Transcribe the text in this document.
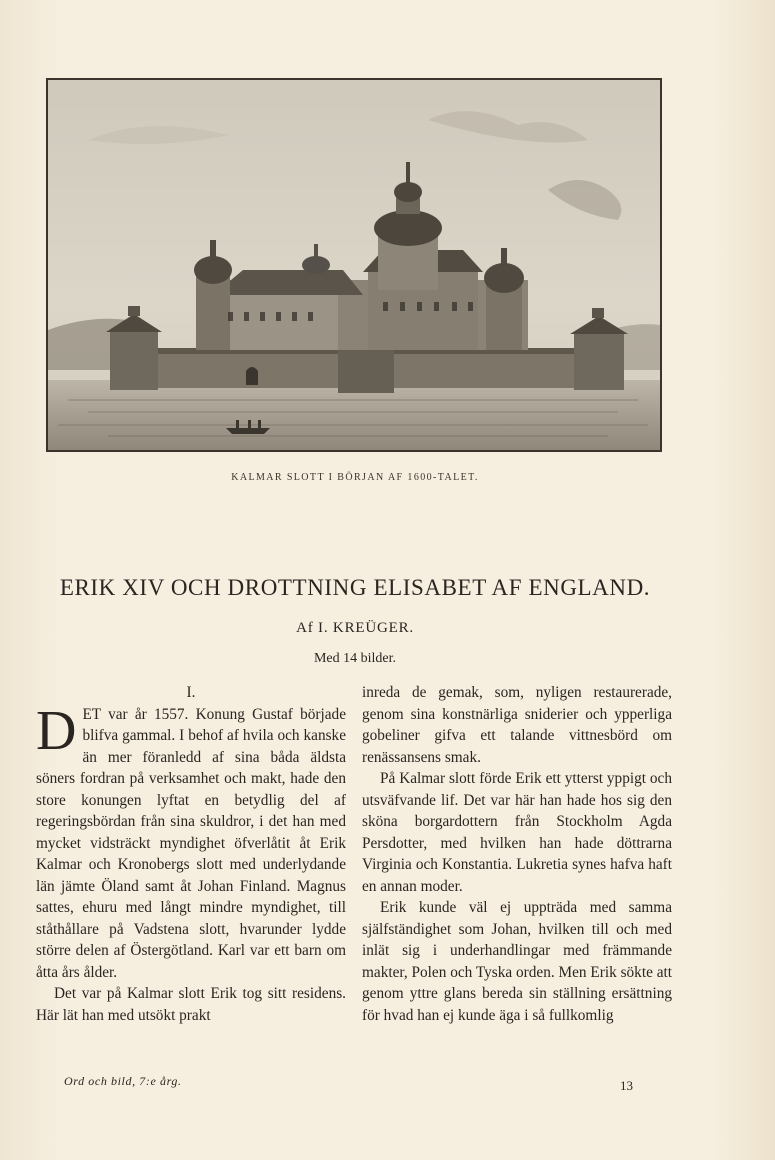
KALMAR SLOTT I BÖRJAN AF 1600-TALET.
ERIK XIV OCH DROTTNING ELISABET AF ENGLAND.
Af I. KREÜGER.
Med 14 bilder.
I.

DET var år 1557. Konung Gustaf började blifva gammal. I behof af hvila och kanske än mer föranledd af sina båda äldsta söners fordran på verksamhet och makt, hade den store konungen lyftat en betydlig del af regeringsbördan från sina skuldror, i det han med mycket vidsträckt myndighet öfverlåtit åt Erik Kalmar och Kronobergs slott med underlydande län jämte Öland samt åt Johan Finland. Magnus sattes, ehuru med långt mindre myndighet, till ståthållare på Vadstena slott, hvarunder lydde större delen af Östergötland. Karl var ett barn om åtta års ålder.

Det var på Kalmar slott Erik tog sitt residens. Här lät han med utsökt prakt

inreda de gemak, som, nyligen restaurerade, genom sina konstnärliga sniderier och ypperliga gobeliner gifva ett talande vittnesbörd om renässansens smak.

På Kalmar slott förde Erik ett ytterst yppigt och utsväfvande lif. Det var här han hade hos sig den sköna borgardottern från Stockholm Agda Persdotter, med hvilken han hade döttrarna Virginia och Konstantia. Lukretia synes hafva haft en annan moder.

Erik kunde väl ej uppträda med samma själfständighet som Johan, hvilken till och med inlät sig i underhandlingar med främmande makter, Polen och Tyska orden. Men Erik sökte att genom yttre glans bereda sin ställning ersättning för hvad han ej kunde äga i så fullkomlig

Ord och bild, 7:e årg.	13
